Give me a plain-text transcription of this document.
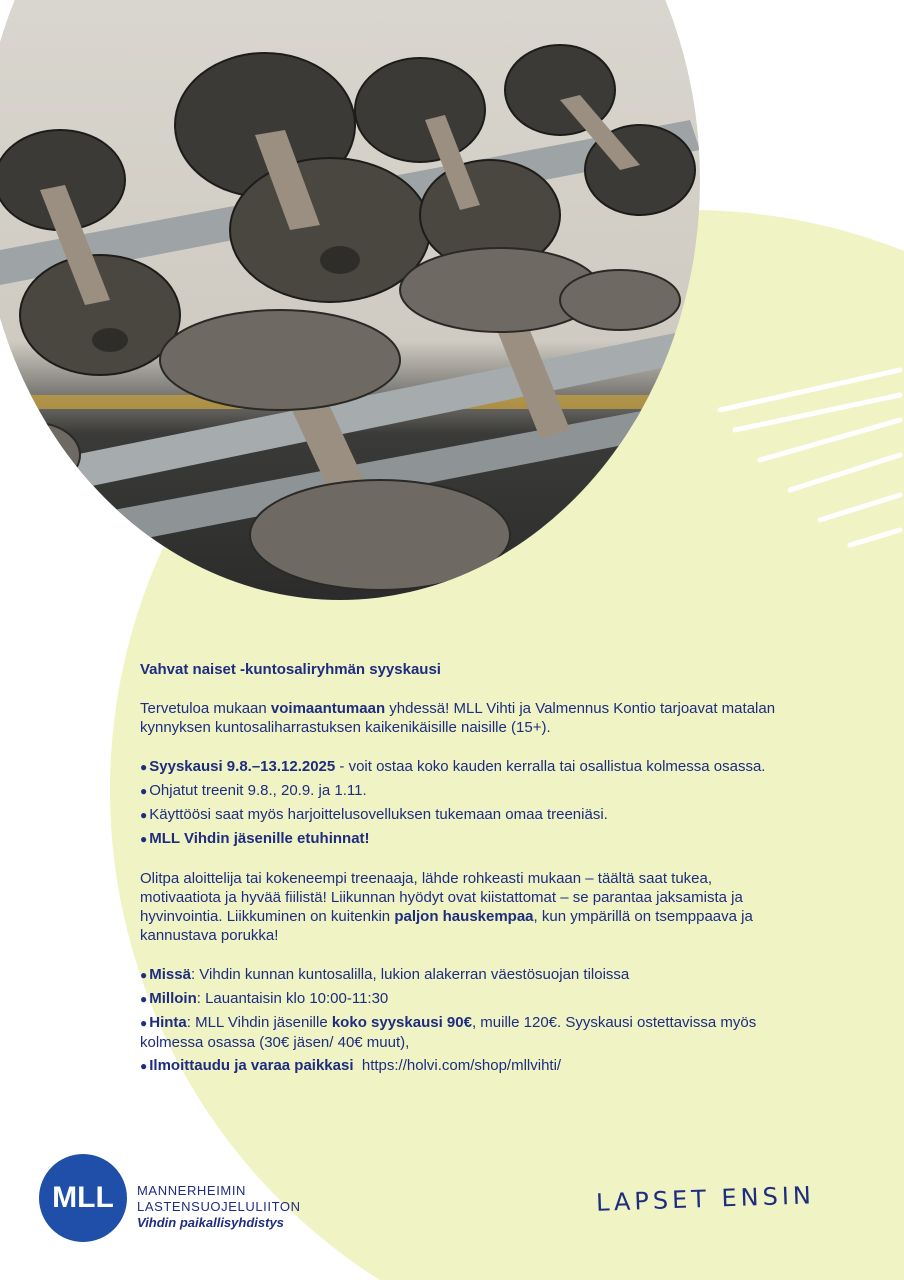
MLL
Vahvat naiset -kuntosaliryhmän syyskausi
Tervetuloa mukaan voimaantumaan yhdessä! MLL Vihti ja Valmennus Kontio tarjoavat matalan kynnyksen kuntosaliharrastuksen kaikenikäisille naisille (15+).
● Syyskausi 9.8.–13.12.2025 - voit ostaa koko kauden kerralla tai osallistua kolmessa osassa.
● Ohjatut treenit 9.8., 20.9. ja 1.11.
● Käyttöösi saat myös harjoittelusovelluksen tukemaan omaa treeniäsi.
● MLL Vihdin jäsenille etuhinnat!
Olitpa aloittelija tai kokeneempi treenaaja, lähde rohkeasti mukaan – täältä saat tukea, motivaatiota ja hyvää fiilistä! Liikunnan hyödyt ovat kiistattomat – se parantaa jaksamista ja hyvinvointia. Liikkuminen on kuitenkin paljon hauskempaa, kun ympärillä on tsemppaava ja kannustava porukka!
● Missä: Vihdin kunnan kuntosalilla, lukion alakerran väestösuojan tiloissa
● Milloin: Lauantaisin klo 10:00-11:30
● Hinta: MLL Vihdin jäsenille koko syyskausi 90€, muille 120€. Syyskausi ostettavissa myös kolmessa osassa (30€ jäsen/ 40€ muut),
● Ilmoittaudu ja varaa paikkasi  https://holvi.com/shop/mllvihti/
MANNERHEIMIN
LASTENSUOJELULIITON
Vihdin paikallisyhdistys
LAPSET ENSIN
